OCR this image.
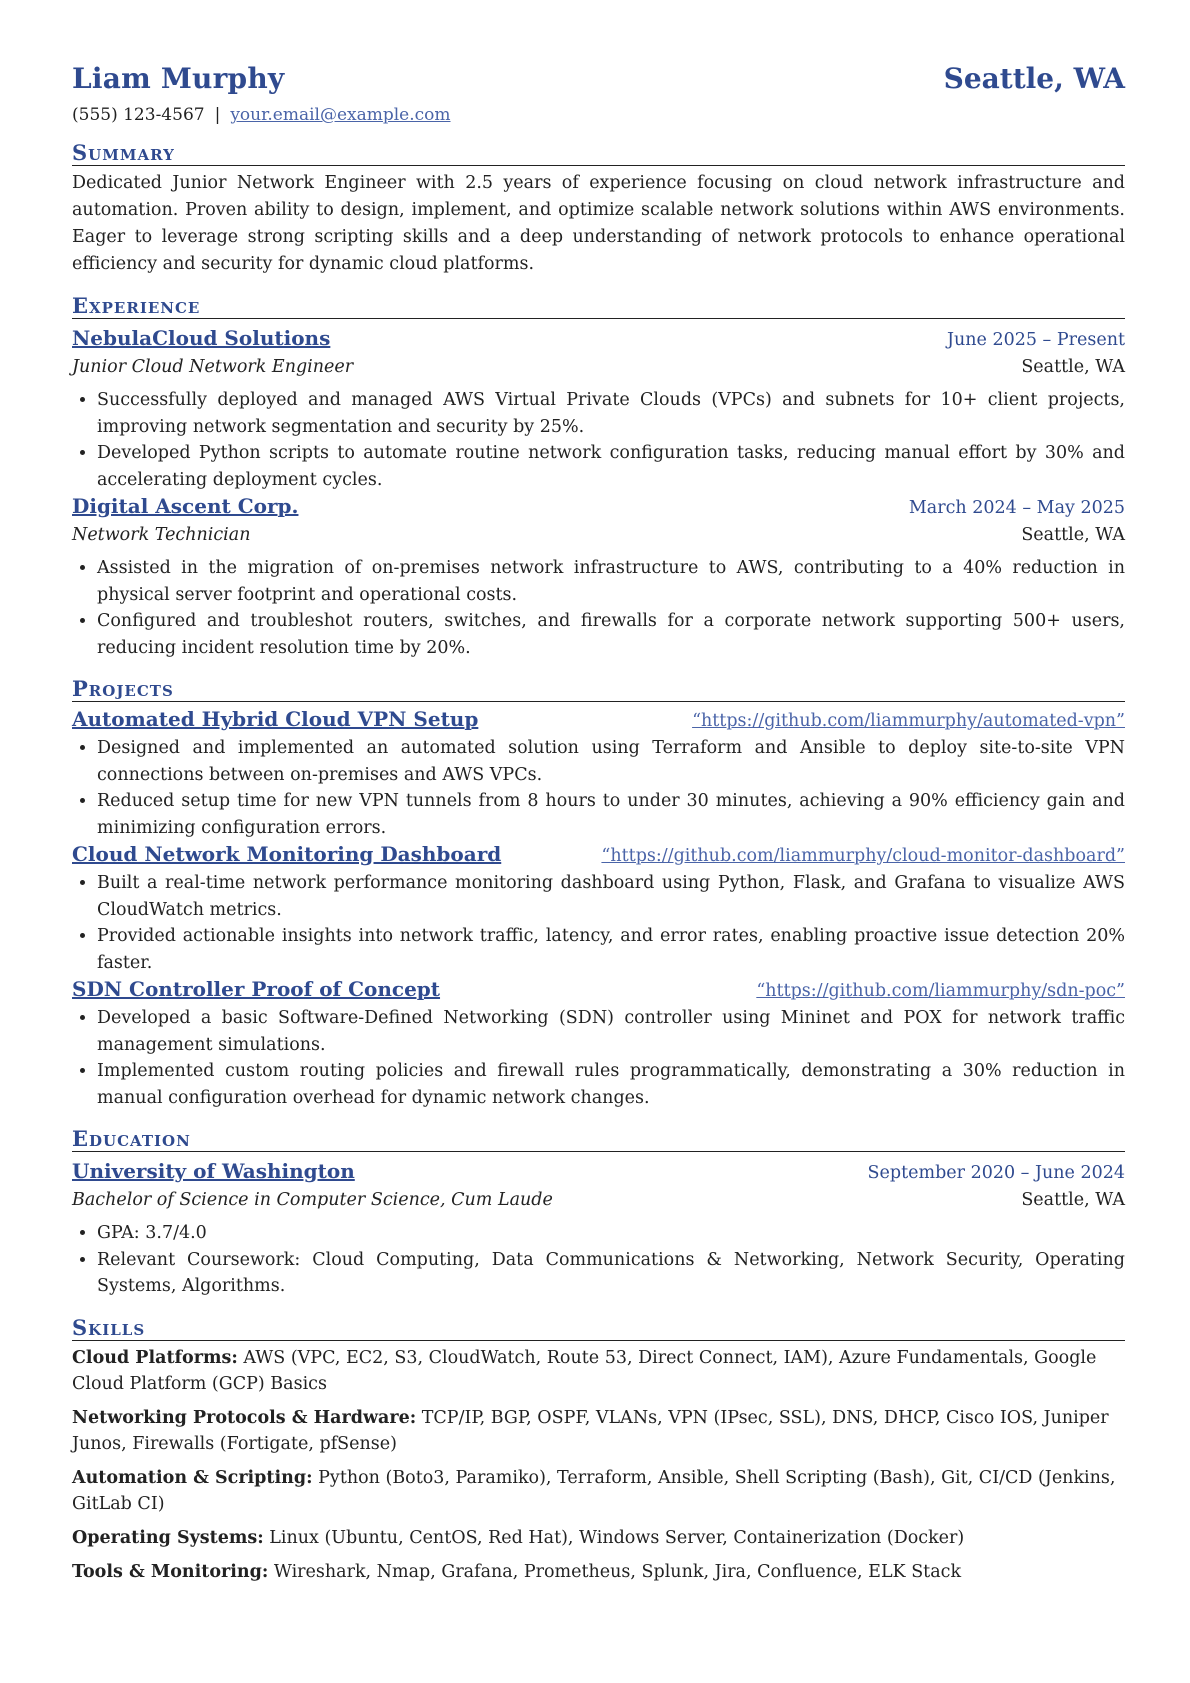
Liam Murphy	Seattle, WA
(555) 123-4567 | your.email@example.com
Summary
Dedicated Junior Network Engineer with 2.5 years of experience focusing on cloud network infrastructure and automation. Proven ability to design, implement, and optimize scalable network solutions within AWS environments. Eager to leverage strong scripting skills and a deep understanding of network protocols to enhance operational efficiency and security for dynamic cloud platforms.
Experience
NebulaCloud Solutions	June 2025 – Present
Junior Cloud Network Engineer	Seattle, WA
• Successfully deployed and managed AWS Virtual Private Clouds (VPCs) and subnets for 10+ client projects, improving network segmentation and security by 25%.
• Developed Python scripts to automate routine network configuration tasks, reducing manual effort by 30% and accelerating deployment cycles.
Digital Ascent Corp.	March 2024 – May 2025
Network Technician	Seattle, WA
• Assisted in the migration of on-premises network infrastructure to AWS, contributing to a 40% reduction in physical server footprint and operational costs.
• Configured and troubleshot routers, switches, and firewalls for a corporate network supporting 500+ users, reducing incident resolution time by 20%.
Projects
Automated Hybrid Cloud VPN Setup	“https://github.com/liammurphy/automated-vpn”
• Designed and implemented an automated solution using Terraform and Ansible to deploy site-to-site VPN connections between on-premises and AWS VPCs.
• Reduced setup time for new VPN tunnels from 8 hours to under 30 minutes, achieving a 90% efficiency gain and minimizing configuration errors.
Cloud Network Monitoring Dashboard	“https://github.com/liammurphy/cloud-monitor-dashboard”
• Built a real-time network performance monitoring dashboard using Python, Flask, and Grafana to visualize AWS CloudWatch metrics.
• Provided actionable insights into network traffic, latency, and error rates, enabling proactive issue detection 20% faster.
SDN Controller Proof of Concept	“https://github.com/liammurphy/sdn-poc”
• Developed a basic Software-Defined Networking (SDN) controller using Mininet and POX for network traffic management simulations.
• Implemented custom routing policies and firewall rules programmatically, demonstrating a 30% reduction in manual configuration overhead for dynamic network changes.
Education
University of Washington	September 2020 – June 2024
Bachelor of Science in Computer Science, Cum Laude	Seattle, WA
• GPA: 3.7/4.0
• Relevant Coursework: Cloud Computing, Data Communications & Networking, Network Security, Operating Systems, Algorithms.
Skills
Cloud Platforms: AWS (VPC, EC2, S3, CloudWatch, Route 53, Direct Connect, IAM), Azure Fundamentals, Google Cloud Platform (GCP) Basics
Networking Protocols & Hardware: TCP/IP, BGP, OSPF, VLANs, VPN (IPsec, SSL), DNS, DHCP, Cisco IOS, Juniper Junos, Firewalls (Fortigate, pfSense)
Automation & Scripting: Python (Boto3, Paramiko), Terraform, Ansible, Shell Scripting (Bash), Git, CI/CD (Jenkins, GitLab CI)
Operating Systems: Linux (Ubuntu, CentOS, Red Hat), Windows Server, Containerization (Docker)
Tools & Monitoring: Wireshark, Nmap, Grafana, Prometheus, Splunk, Jira, Confluence, ELK Stack
